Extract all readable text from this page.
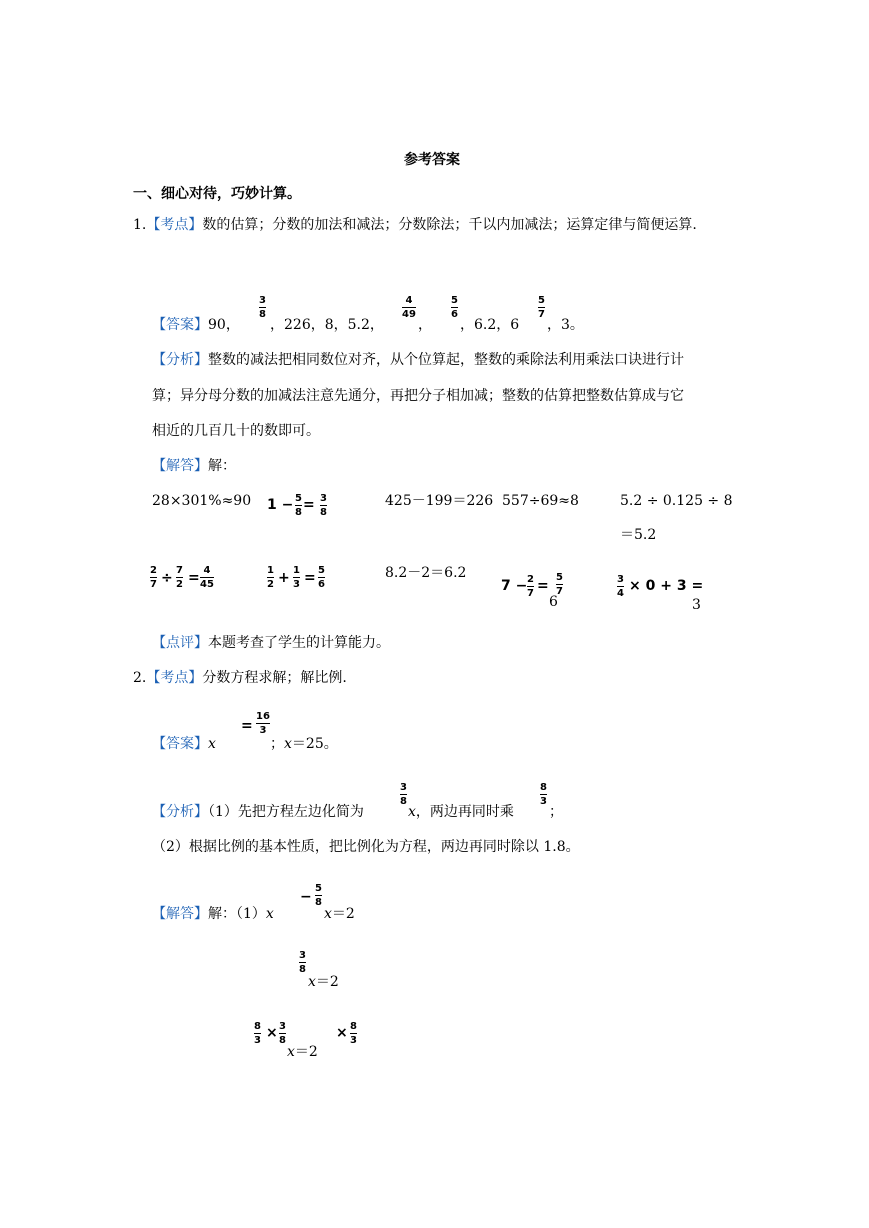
参考答案
一、细心对待，巧妙计算。
1.【考点】数的估算；分数的加法和减法；分数除法；千以内加减法；运算定律与简便运算.
【答案】90，
3
8
，226，8，5.2，
4
49
，
5
6
，6.2，6
5
7
，3。
【分析】整数的减法把相同数位对齐，从个位算起，整数的乘除法利用乘法口诀进行计
算；异分母分数的加减法注意先通分，再把分子相加减；整数的估算把整数估算成与它
相近的几百几十的数即可。
【解答】解：
28×301%≈90 1 − 5
8 = 3
8
425－199＝226 557÷69≈8	5.2 ÷ 0.125 ÷ 8
＝5.2
2
7 ÷ 7
2 = 4
45
1
2 + 1
3 = 5
6
8.2－2＝6.2
7 − 2
7 =
5
7
6
3
4 × 0 + 3 =
3
【点评】本题考查了学生的计算能力。
2.【考点】分数方程求解；解比例.
【答案】x
=
16
3
；x＝25。
【分析】（1）先把方程左边化简为
3
8
x，两边再同时乘
8
3
；
（2）根据比例的基本性质，把比例化为方程，两边再同时除以 1.8。
【解答】解：（1）x
−
5
8
x＝2
3
8
x＝2
8
3 × 3
8
x＝2
× 8
3
